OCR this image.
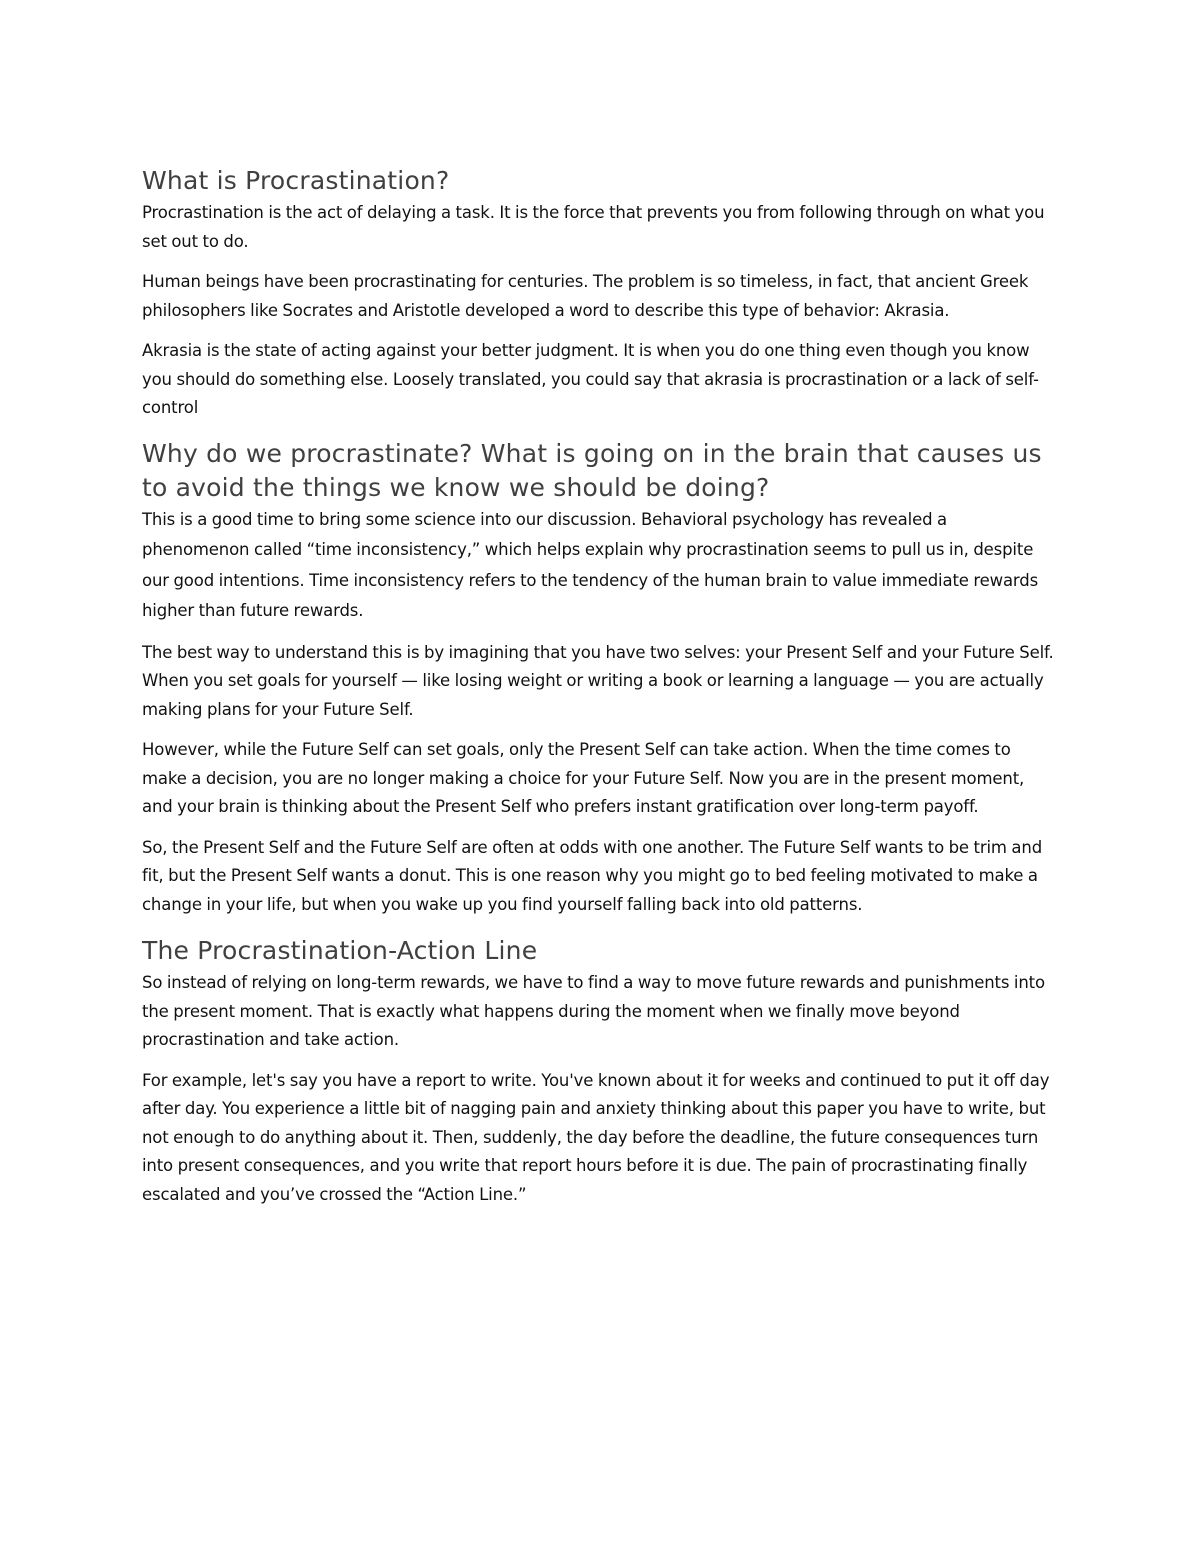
What is Procrastination?

Procrastination is the act of delaying a task. It is the force that prevents you from following through on what you set out to do.

Human beings have been procrastinating for centuries. The problem is so timeless, in fact, that ancient Greek philosophers like Socrates and Aristotle developed a word to describe this type of behavior: Akrasia.

Akrasia is the state of acting against your better judgment. It is when you do one thing even though you know you should do something else. Loosely translated, you could say that akrasia is procrastination or a lack of self-control

Why do we procrastinate? What is going on in the brain that causes us to avoid the things we know we should be doing?

This is a good time to bring some science into our discussion. Behavioral psychology has revealed a phenomenon called “time inconsistency,” which helps explain why procrastination seems to pull us in, despite our good intentions. Time inconsistency refers to the tendency of the human brain to value immediate rewards higher than future rewards.

The best way to understand this is by imagining that you have two selves: your Present Self and your Future Self. When you set goals for yourself — like losing weight or writing a book or learning a language — you are actually making plans for your Future Self.

However, while the Future Self can set goals, only the Present Self can take action. When the time comes to make a decision, you are no longer making a choice for your Future Self. Now you are in the present moment, and your brain is thinking about the Present Self who prefers instant gratification over long-term payoff.

So, the Present Self and the Future Self are often at odds with one another. The Future Self wants to be trim and fit, but the Present Self wants a donut. This is one reason why you might go to bed feeling motivated to make a change in your life, but when you wake up you find yourself falling back into old patterns.

The Procrastination-Action Line

So instead of relying on long-term rewards, we have to find a way to move future rewards and punishments into the present moment. That is exactly what happens during the moment when we finally move beyond procrastination and take action.

For example, let's say you have a report to write. You've known about it for weeks and continued to put it off day after day. You experience a little bit of nagging pain and anxiety thinking about this paper you have to write, but not enough to do anything about it. Then, suddenly, the day before the deadline, the future consequences turn into present consequences, and you write that report hours before it is due. The pain of procrastinating finally escalated and you’ve crossed the “Action Line.”
